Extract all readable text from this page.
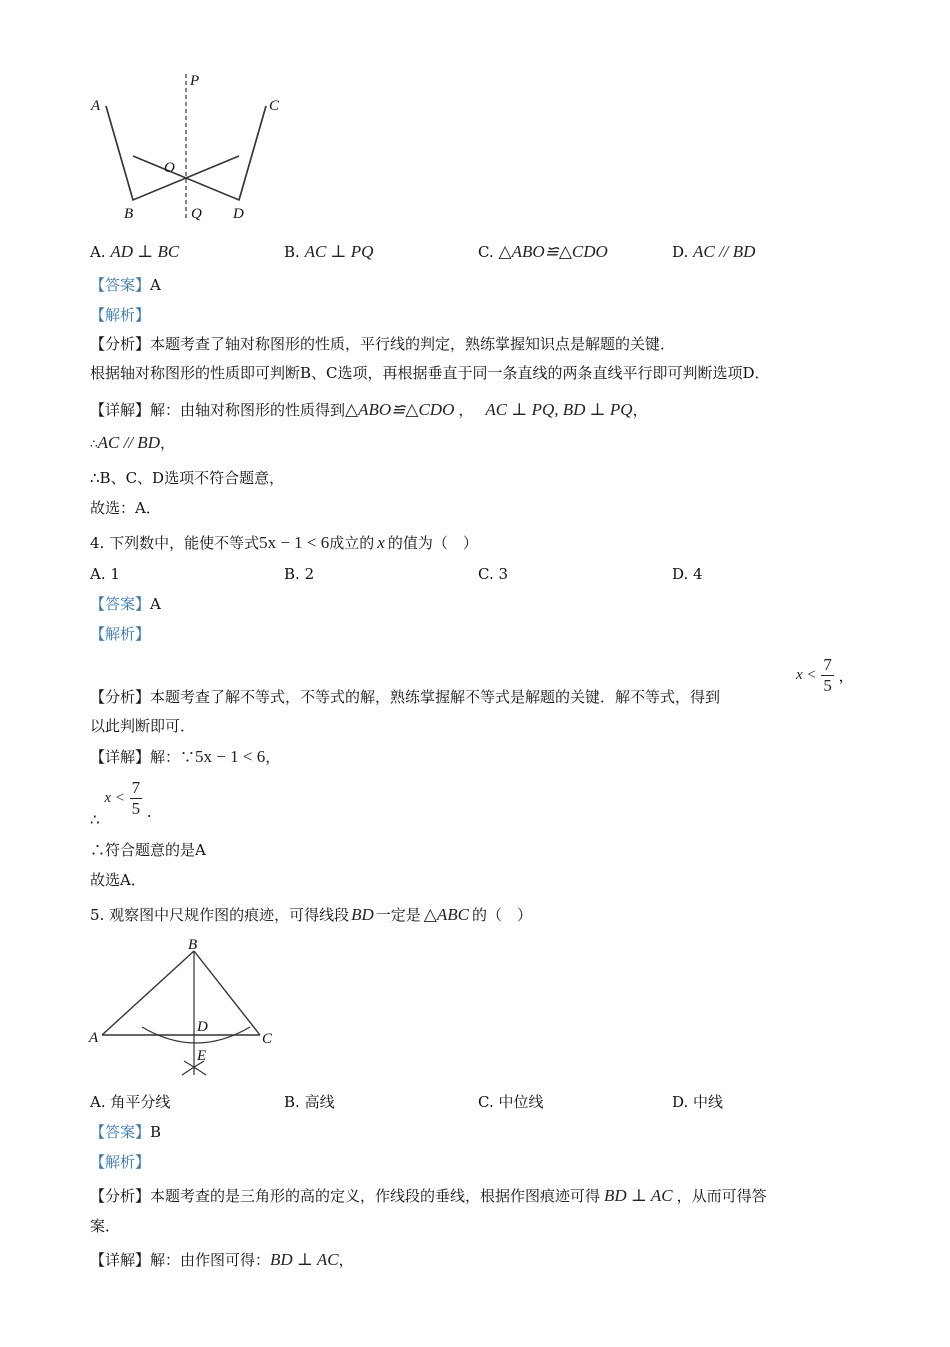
P
A	C
O
B	Q D
A. AD ⊥ BC	B. AC ⊥ PQ	C. △ABO≌△CDO	D. AC // BD
【答案】A
【解析】
【分析】本题考查了轴对称图形的性质，平行线的判定，熟练掌握知识点是解题的关键．
根据轴对称图形的性质即可判断B、C选项，再根据垂直于同一条直线的两条直线平行即可判断选项D．
【详解】解：由轴对称图形的性质得到△ABO≌△CDO ， AC ⊥ PQ, BD ⊥ PQ，
∴AC // BD，
∴B、C、D选项不符合题意，
故选：A．
4. 下列数中，能使不等式5x − 1 < 6成立的 x 的值为（　）
A. 1	B. 2	C. 3	D. 4
【答案】A
【解析】
【分析】本题考查了解不等式，不等式的解，熟练掌握解不等式是解题的关键．解不等式，得到
$x < \frac{7}{5}$ ，
以此判断即可．
【详解】解：∵5x − 1 < 6，
∴ $x < \frac{7}{5}$ ．
∴符合题意的是A
故选A．
5. 观察图中尺规作图的痕迹，可得线段 BD 一定是 △ABC 的（　）
B
A
D
C
E
A. 角平分线	B. 高线	C. 中位线	D. 中线
【答案】B
【解析】
【分析】本题考查的是三角形的高的定义，作线段的垂线，根据作图痕迹可得 BD ⊥ AC ，从而可得答
案．
【详解】解：由作图可得：BD ⊥ AC，
